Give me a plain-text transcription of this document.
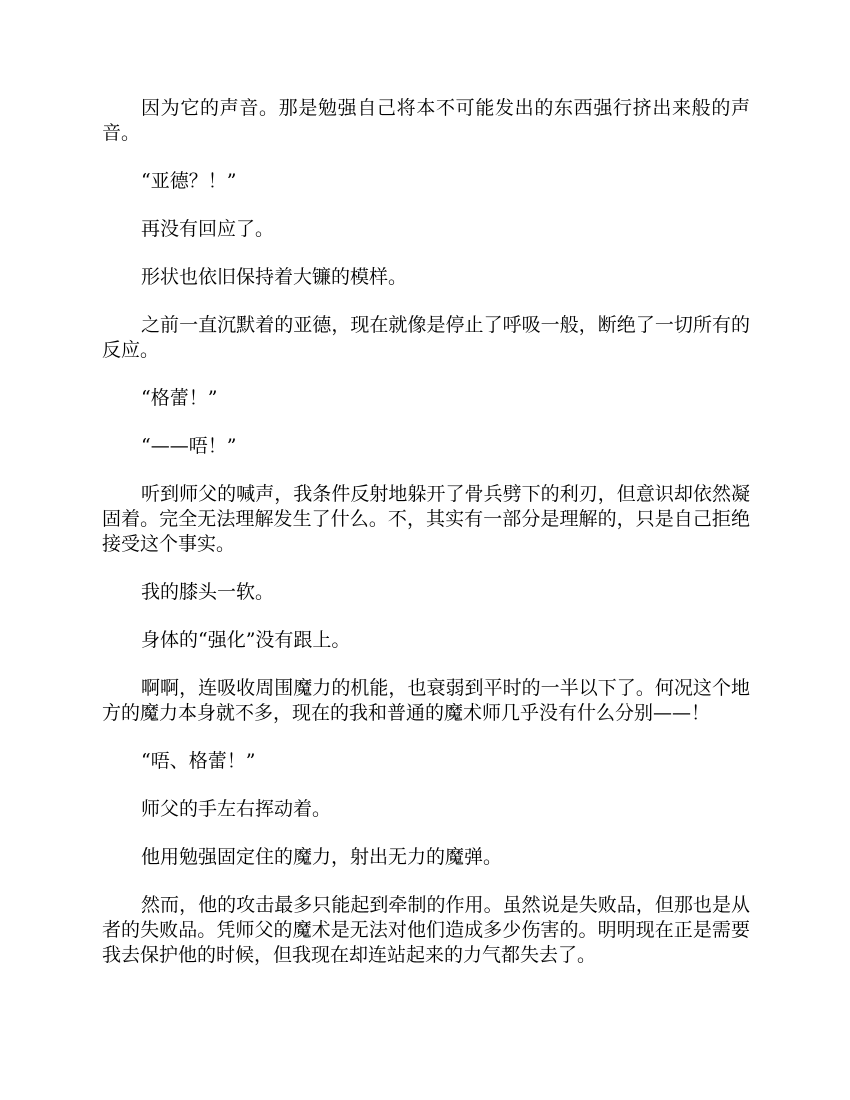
因为它的声音。那是勉强自己将本不可能发出的东西强行挤出来般的声音。

“亚德？！”

再没有回应了。

形状也依旧保持着大镰的模样。

之前一直沉默着的亚德，现在就像是停止了呼吸一般，断绝了一切所有的反应。

“格蕾！”

“——唔！”

听到师父的喊声，我条件反射地躲开了骨兵劈下的利刃，但意识却依然凝固着。完全无法理解发生了什么。不，其实有一部分是理解的，只是自己拒绝接受这个事实。

我的膝头一软。

身体的“强化”没有跟上。

啊啊，连吸收周围魔力的机能，也衰弱到平时的一半以下了。何况这个地方的魔力本身就不多，现在的我和普通的魔术师几乎没有什么分别——！

“唔、格蕾！”

师父的手左右挥动着。

他用勉强固定住的魔力，射出无力的魔弹。

然而，他的攻击最多只能起到牵制的作用。虽然说是失败品，但那也是从者的失败品。凭师父的魔术是无法对他们造成多少伤害的。明明现在正是需要我去保护他的时候，但我现在却连站起来的力气都失去了。
